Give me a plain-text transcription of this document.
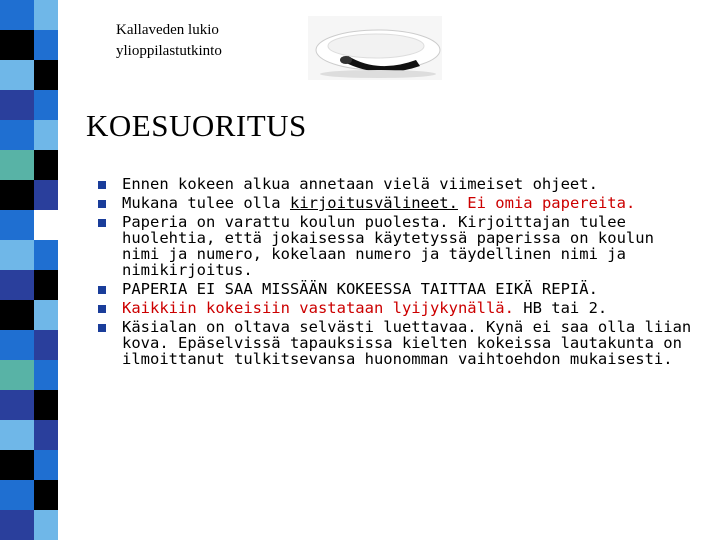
Kallaveden lukio
ylioppilastutkinto
KOESUORITUS
Ennen kokeen alkua annetaan vielä viimeiset ohjeet.
Mukana tulee olla kirjoitusvälineet. Ei omia papereita.
Paperia on varattu koulun puolesta. Kirjoittajan tulee huolehtia, että jokaisessa käytetyssä paperissa on koulun nimi ja numero, kokelaan numero ja täydellinen nimi ja nimikirjoitus.
PAPERIA EI SAA MISSÄÄN KOKEESSA TAITTAA EIKÄ REPIÄ.
Kaikkiin kokeisiin vastataan lyijykynällä. HB tai 2.
Käsialan on oltava selvästi luettavaa. Kynä ei saa olla liian kova. Epäselvissä tapauksissa kielten kokeissa lautakunta on ilmoittanut tulkitsevansa huonomman vaihtoehdon mukaisesti.
